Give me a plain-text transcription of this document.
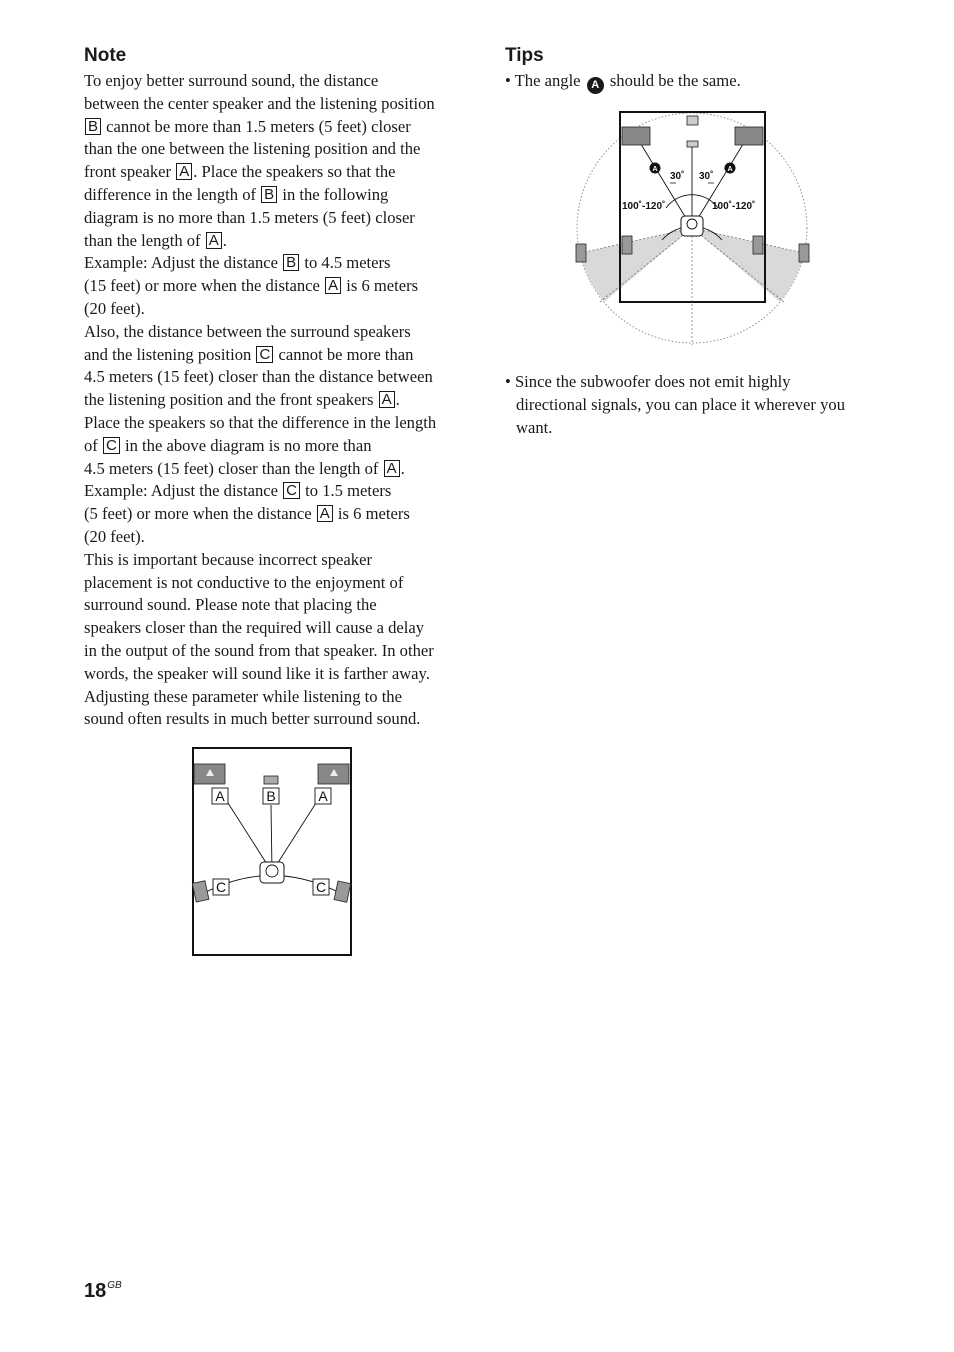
Note
To enjoy better surround sound, the distance
between the center speaker and the listening position
B cannot be more than 1.5 meters (5 feet) closer
than the one between the listening position and the
front speaker A . Place the speakers so that the
difference in the length of B in the following
diagram is no more than 1.5 meters (5 feet) closer
than the length of A .
Example: Adjust the distance B to 4.5 meters
(15 feet) or more when the distance A is 6 meters
(20 feet).
Also, the distance between the surround speakers
and the listening position C cannot be more than
4.5 meters (15 feet) closer than the distance between
the listening position and the front speakers A .
Place the speakers so that the difference in the length
of C in the above diagram is no more than
4.5 meters (15 feet) closer than the length of A .
Example: Adjust the distance C to 1.5 meters
(5 feet) or more when the distance A is 6 meters
(20 feet).
This is important because incorrect speaker
placement is not conductive to the enjoyment of
surround sound. Please note that placing the
speakers closer than the required will cause a delay
in the output of the sound from that speaker. In other
words, the speaker will sound like it is farther away.
Adjusting these parameter while listening to the
sound often results in much better surround sound.
Tips
• The angle A should be the same.
• Since the subwoofer does not emit highly
directional signals, you can place it wherever you
want.
A	A
30˚ 30˚
100˚-120˚	100˚-120˚
A	B	A
C	C
$18^{GB}$
